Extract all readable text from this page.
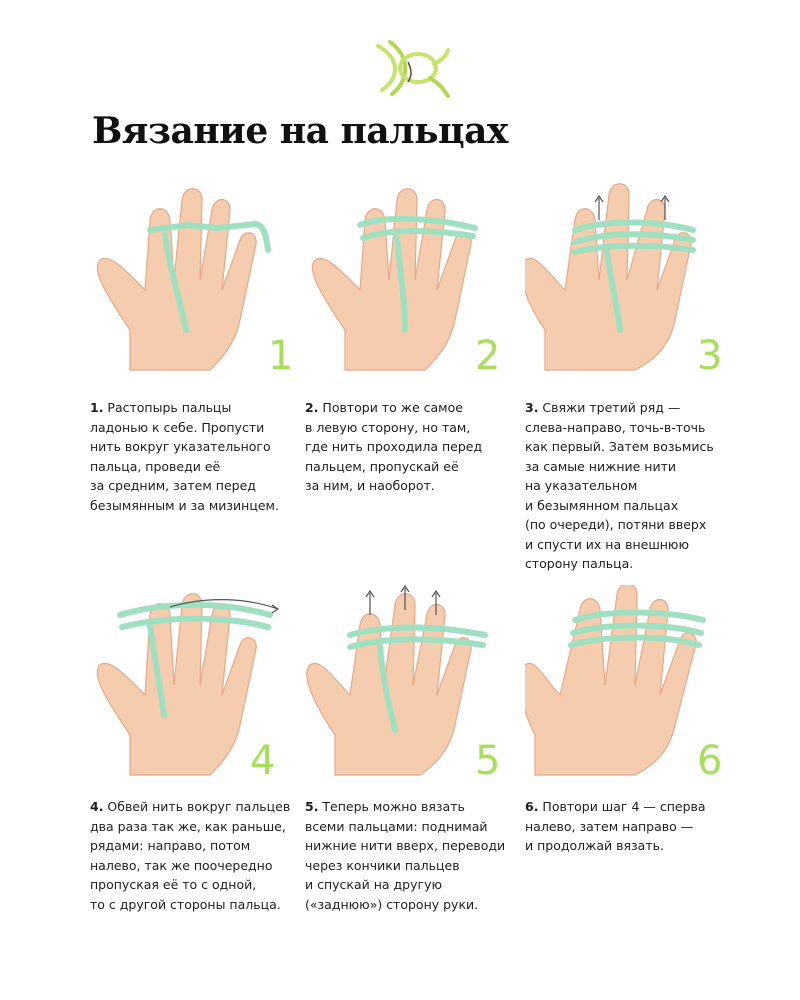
Вязание на пальцах
1

1. Растопырь пальцы
ладонью к себе. Пропусти
нить вокруг указательного
пальца, проведи её
за средним, затем перед
безымянным и за мизинцем.

2

2. Повтори то же самое
в левую сторону, но там,
где нить проходила перед
пальцем, пропускай её
за ним, и наоборот.

3

3. Свяжи третий ряд —
слева-направо, точь-в-точь
как первый. Затем возьмись
за самые нижние нити
на указательном
и безымянном пальцах
(по очереди), потяни вверх
и спусти их на внешнюю
сторону пальца.

4

4. Обвей нить вокруг пальцев
два раза так же, как раньше,
рядами: направо, потом
налево, так же поочередно
пропуская её то с одной,
то с другой стороны пальца.

5

5. Теперь можно вязать
всеми пальцами: поднимай
нижние нити вверх, переводи
через кончики пальцев
и спускай на другую
(«заднюю») сторону руки.

6

6. Повтори шаг 4 — сперва
налево, затем направо —
и продолжай вязать.
